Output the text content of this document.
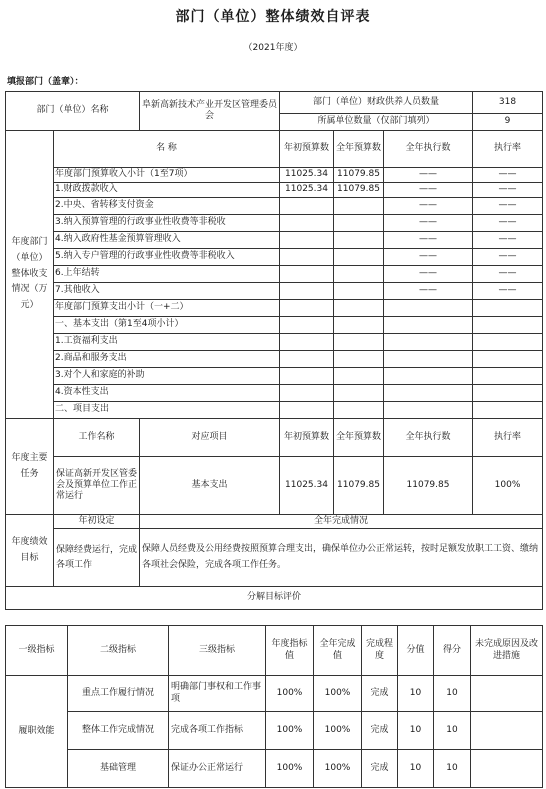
部门（单位）整体绩效自评表
（2021年度）
填报部门（盖章）：
部门（单位）名称		阜新高新技术产业开发区管理委员会	部门（单位）财政供养人员数量			318
			所属单位数量（仅部门填列）			9
年度部门（单位）整体收支情况（万元）	名 称		年初预算数	全年预算数	全年执行数	执行率
	年度部门预算收入小计（1至7项）		11025.34	11079.85	——	——
	1.财政拨款收入		11025.34	11079.85	——	——
	2.中央、省转移支付资金				——	——
	3.纳入预算管理的行政事业性收费等非税收				——	——
	4.纳入政府性基金预算管理收入				——	——
	5.纳入专户管理的行政事业性收费等非税收入				——	——
	6.上年结转				——	——
	7.其他收入				——	——
	年度部门预算支出小计（一+二）					
	一、基本支出（第1至4项小计）					
	1.工资福利支出					
	2.商品和服务支出					
	3.对个人和家庭的补助					
	4.资本性支出					
	二、项目支出					
年度主要任务	工作名称	对应项目	年初预算数	全年预算数	全年执行数	执行率
	保证高新开发区管委会及预算单位工作正常运行	基本支出	11025.34	11079.85	11079.85	100%
年度绩效目标	年初设定	全年完成情况				
	保障经费运行，完成各项工作	保障人员经费及公用经费按照预算合理支出，确保单位办公正常运转，按时足额发放职工工资、缴纳各项社会保险，完成各项工作任务。				
分解目标评价						
一级指标	二级指标	三级指标	年度指标值	全年完成值	完成程度	分值	得分	未完成原因及改进措施
履职效能	重点工作履行情况	明确部门事权和工作事项	100%	100%	完成	10	10	
	整体工作完成情况	完成各项工作指标	100%	100%	完成	10	10	
	基础管理	保证办公正常运行	100%	100%	完成	10	10	
